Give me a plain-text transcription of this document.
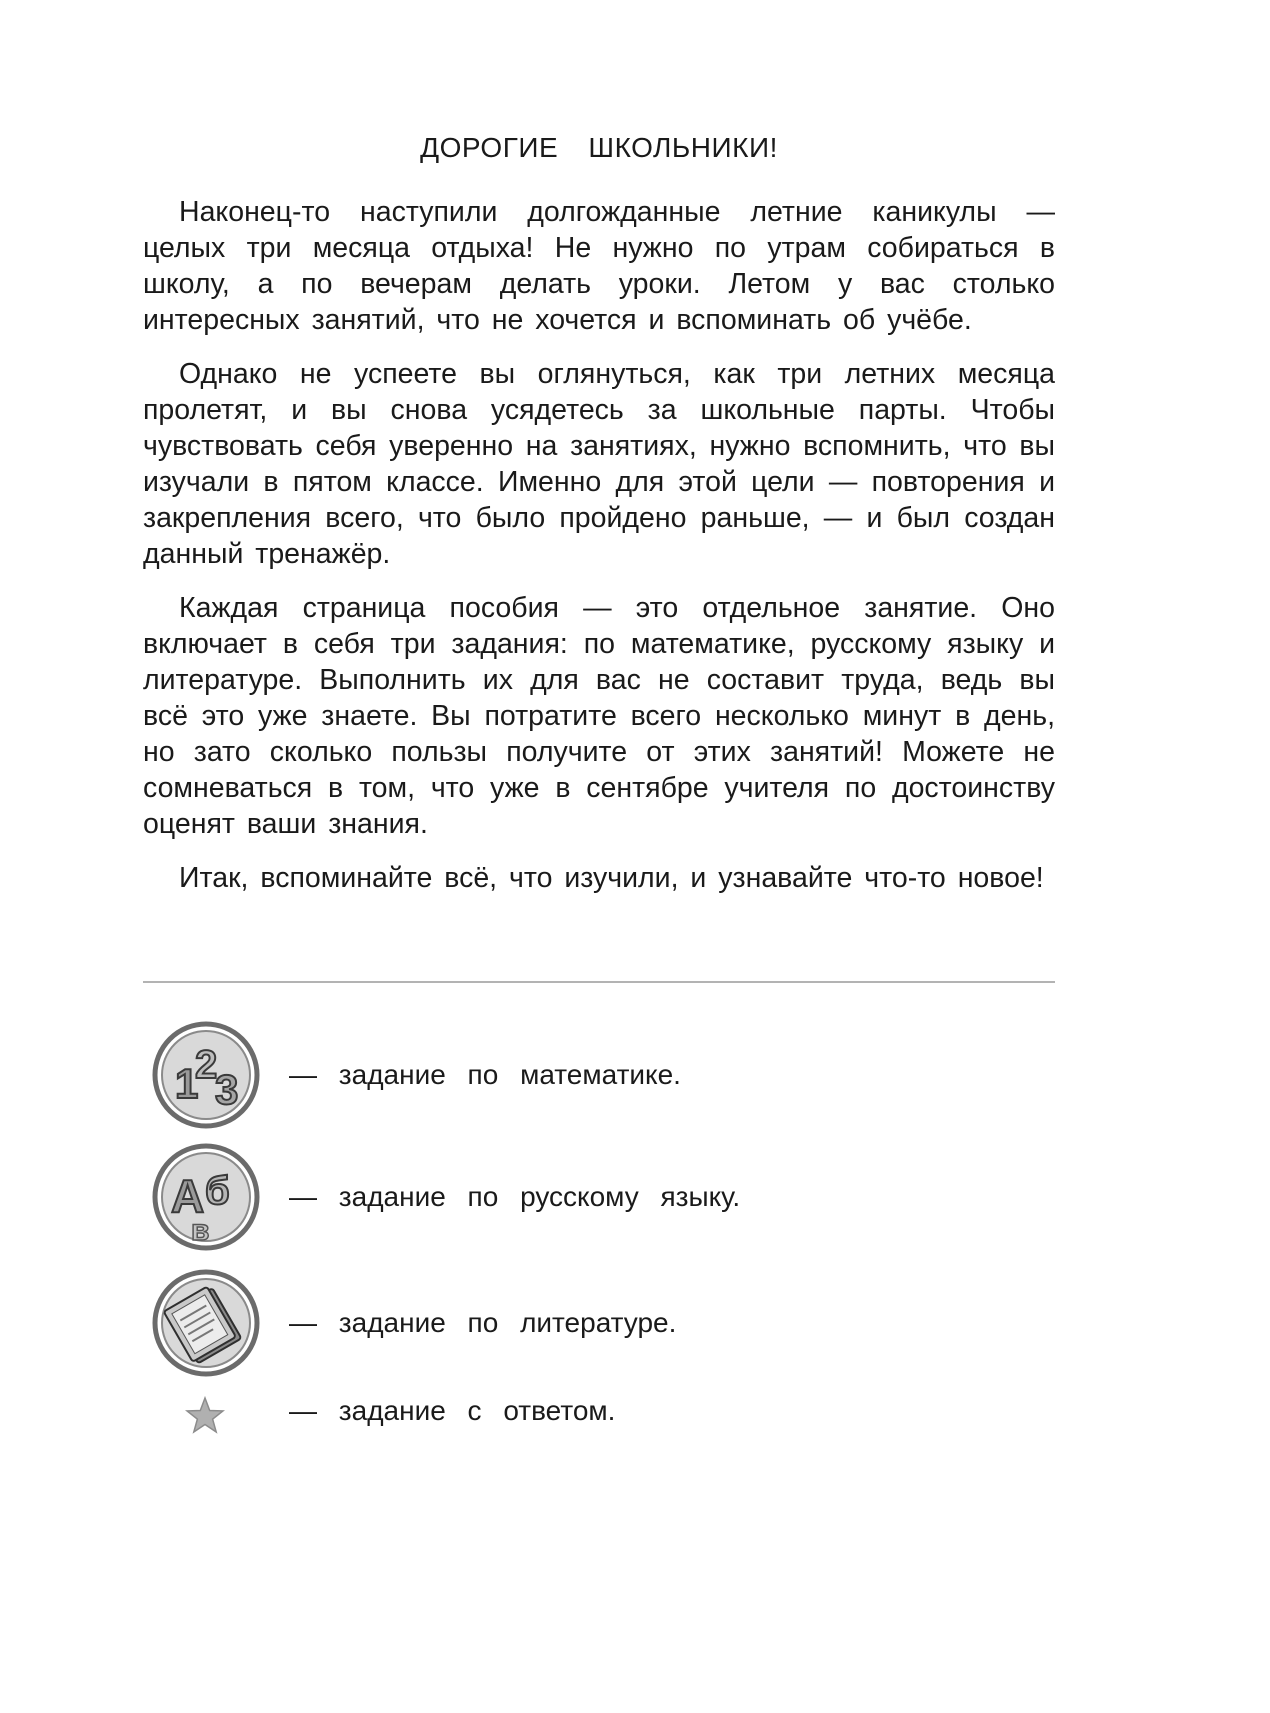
ДОРОГИЕ ШКОЛЬНИКИ!

Наконец-то наступили долгожданные летние каникулы — целых три месяца отдыха! Не нужно по утрам собираться в школу, а по вечерам делать уроки. Летом у вас столько интересных занятий, что не хочется и вспоминать об учёбе.

Однако не успеете вы оглянуться, как три летних месяца пролетят, и вы снова усядетесь за школьные парты. Чтобы чувствовать себя уверенно на занятиях, нужно вспомнить, что вы изучали в пятом классе. Именно для этой цели — повторения и закрепления всего, что было пройдено раньше, — и был создан данный тренажёр.

Каждая страница пособия — это отдельное занятие. Оно включает в себя три задания: по математике, русскому языку и литературе. Выполнить их для вас не составит труда, ведь вы всё это уже знаете. Вы потратите всего несколько минут в день, но зато сколько пользы получите от этих занятий! Можете не сомневаться в том, что уже в сентябре учителя по достоинству оценят ваши знания.

Итак, вспоминайте всё, что изучили, и узнавайте что-то новое!

1
2
3 — задание по математике.
А б
в
— задание по русскому языку.
— задание по литературе.
— задание с ответом.
